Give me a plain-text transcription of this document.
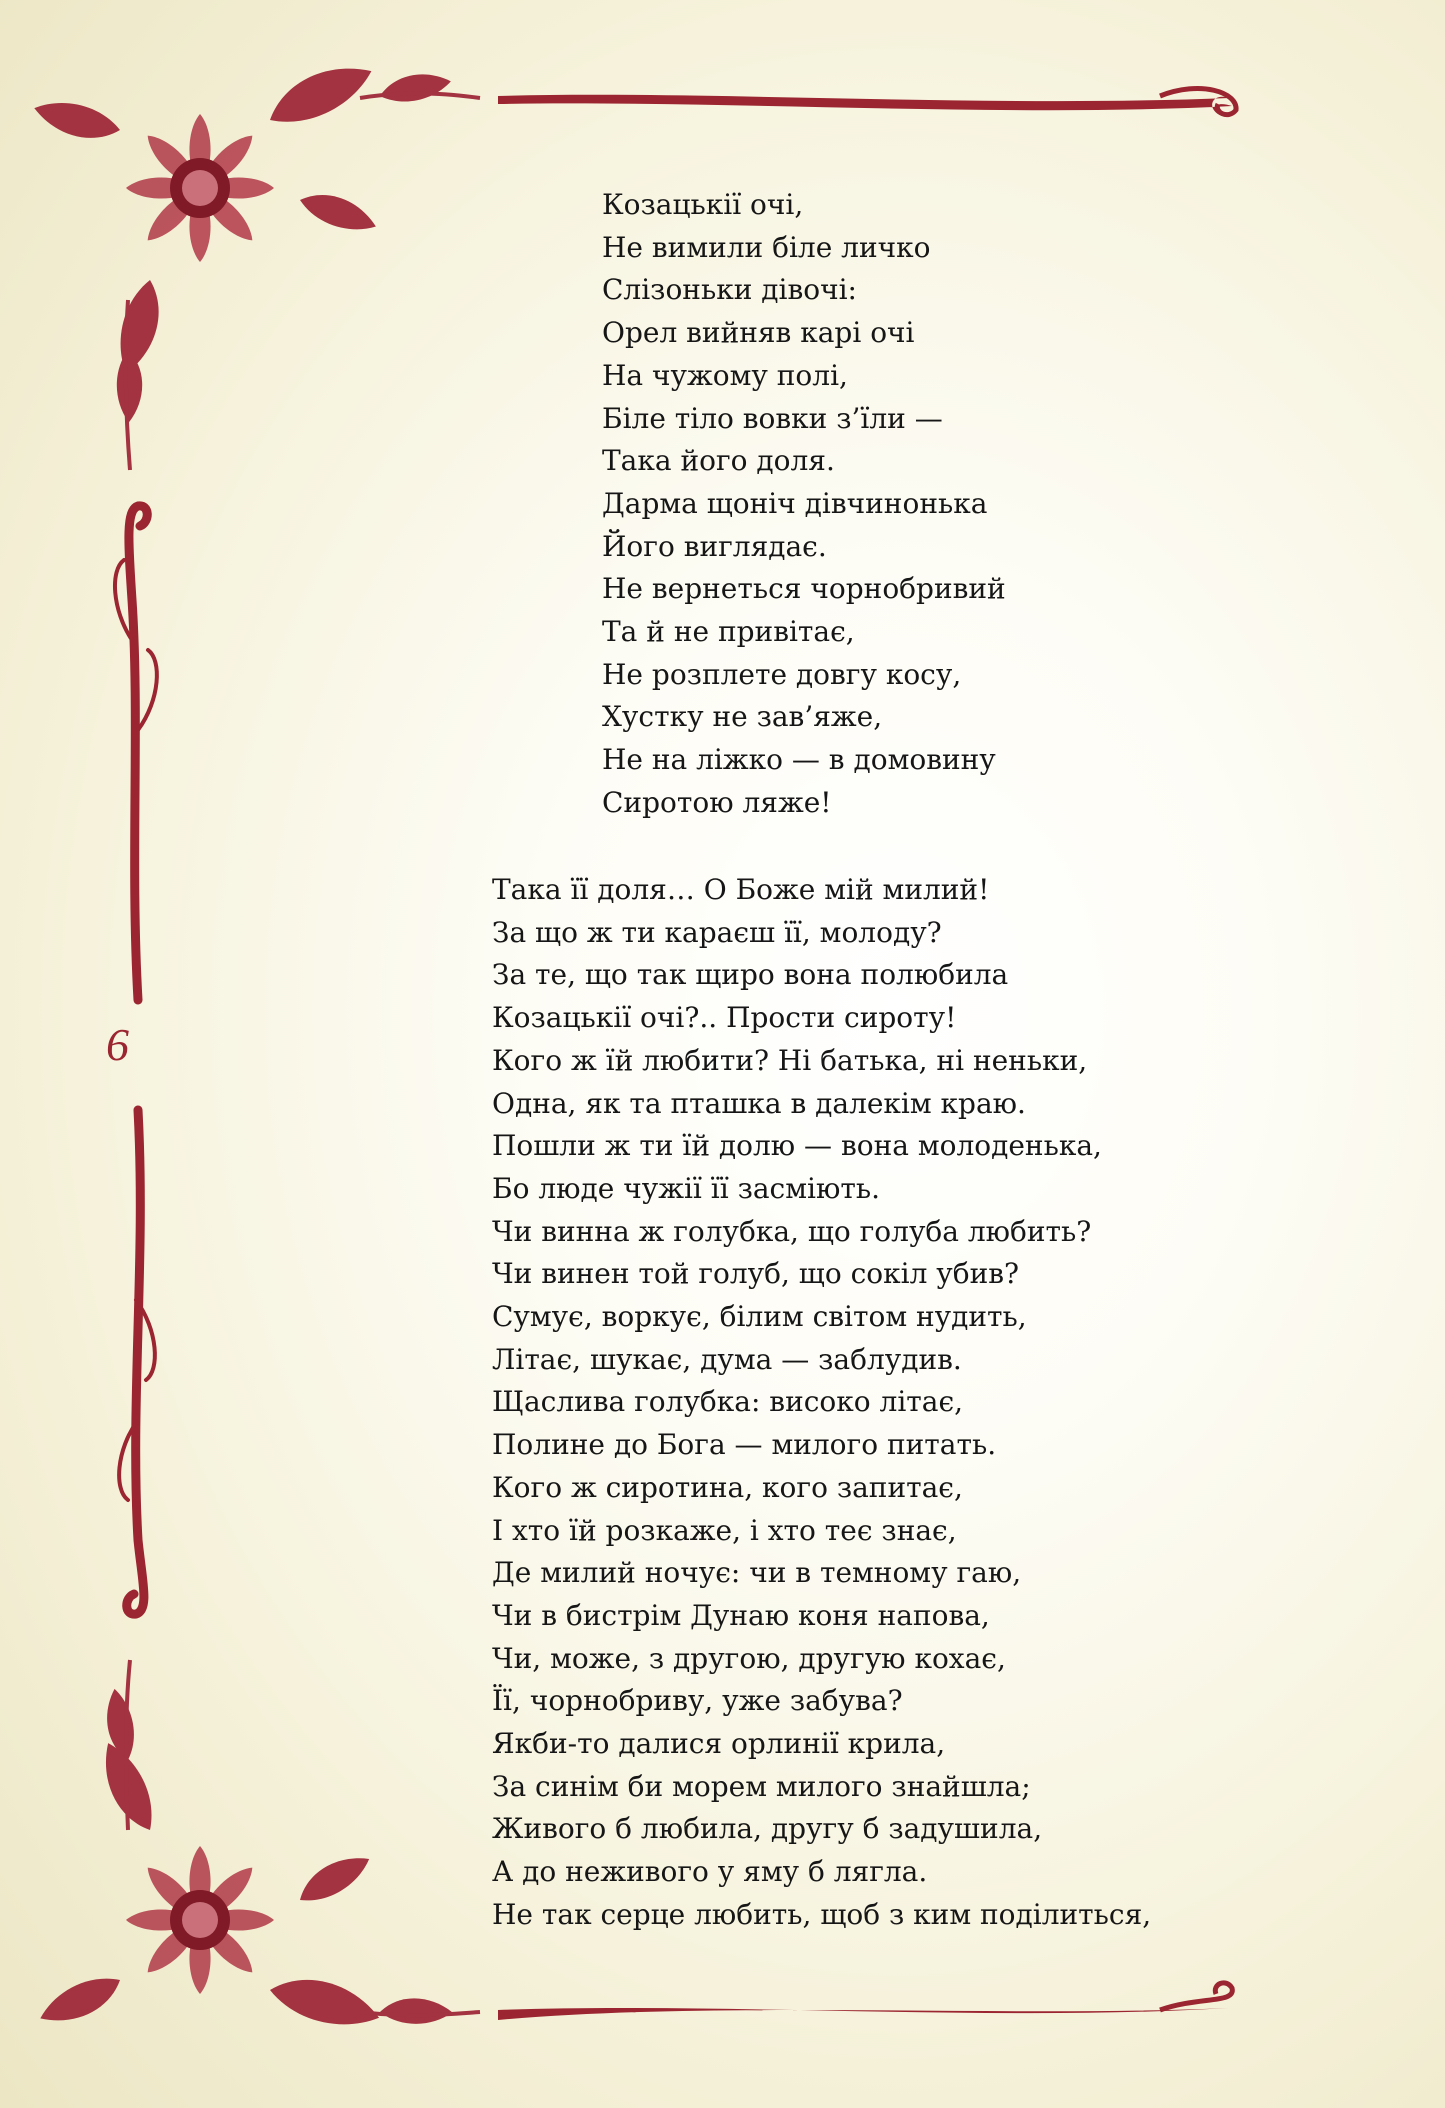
6
Козацькії очі,
Не вимили біле личко
Слізоньки дівочі:
Орел вийняв карі очі
На чужому полі,
Біле тіло вовки з’їли —
Така його доля.
Дарма щоніч дівчинонька
Його виглядає.
Не вернеться чорнобривий
Та й не привітає,
Не розплете довгу косу,
Хустку не зав’яже,
Не на ліжко — в домовину
Сиротою ляже!
Така її доля… О Боже мій милий!
За що ж ти караєш її, молоду?
За те, що так щиро вона полюбила
Козацькії очі?.. Прости сироту!
Кого ж їй любити? Ні батька, ні неньки,
Одна, як та пташка в далекім краю.
Пошли ж ти їй долю — вона молоденька,
Бо люде чужії її засміють.
Чи винна ж голубка, що голуба любить?
Чи винен той голуб, що сокіл убив?
Сумує, воркує, білим світом нудить,
Літає, шукає, дума — заблудив.
Щаслива голубка: високо літає,
Полине до Бога — милого питать.
Кого ж сиротина, кого запитає,
І хто їй розкаже, і хто теє знає,
Де милий ночує: чи в темному гаю,
Чи в бистрім Дунаю коня напова,
Чи, може, з другою, другую кохає,
Її, чорнобриву, уже забува?
Якби-то далися орлинії крила,
За синім би морем милого знайшла;
Живого б любила, другу б задушила,
А до неживого у яму б лягла.
Не так серце любить, щоб з ким поділиться,
